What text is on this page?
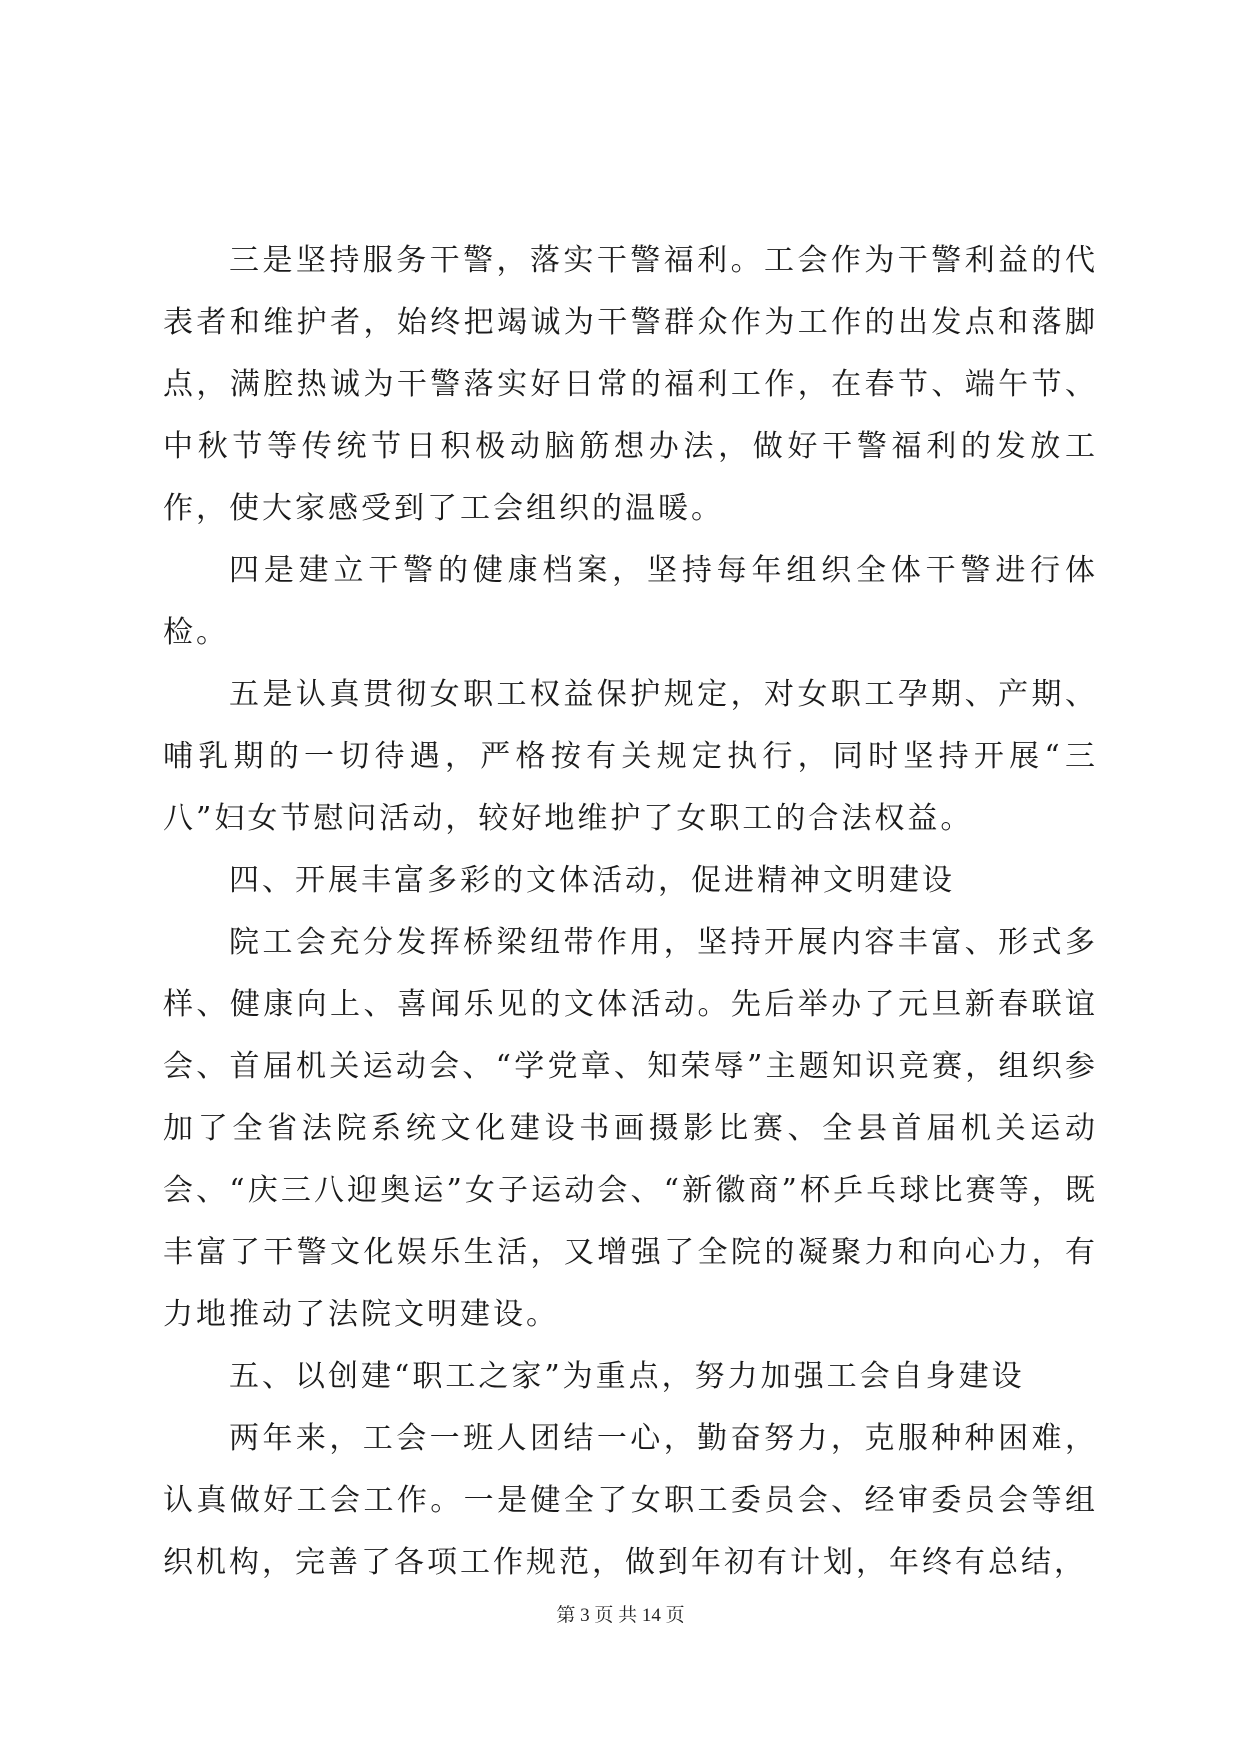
三是坚持服务干警，落实干警福利。工会作为干警利益的代表者和维护者，始终把竭诚为干警群众作为工作的出发点和落脚点，满腔热诚为干警落实好日常的福利工作，在春节、端午节、中秋节等传统节日积极动脑筋想办法，做好干警福利的发放工作，使大家感受到了工会组织的温暖。

四是建立干警的健康档案，坚持每年组织全体干警进行体检。

五是认真贯彻女职工权益保护规定，对女职工孕期、产期、哺乳期的一切待遇，严格按有关规定执行，同时坚持开展“三八”妇女节慰问活动，较好地维护了女职工的合法权益。

四、开展丰富多彩的文体活动，促进精神文明建设

院工会充分发挥桥梁纽带作用，坚持开展内容丰富、形式多样、健康向上、喜闻乐见的文体活动。先后举办了元旦新春联谊会、首届机关运动会、“学党章、知荣辱”主题知识竞赛，组织参加了全省法院系统文化建设书画摄影比赛、全县首届机关运动会、“庆三八迎奥运”女子运动会、“新徽商”杯乒乓球比赛等，既丰富了干警文化娱乐生活，又增强了全院的凝聚力和向心力，有力地推动了法院文明建设。

五、以创建“职工之家”为重点，努力加强工会自身建设

两年来，工会一班人团结一心，勤奋努力，克服种种困难，认真做好工会工作。一是健全了女职工委员会、经审委员会等组织机构，完善了各项工作规范，做到年初有计划，年终有总结，

第 3 页 共 14 页
